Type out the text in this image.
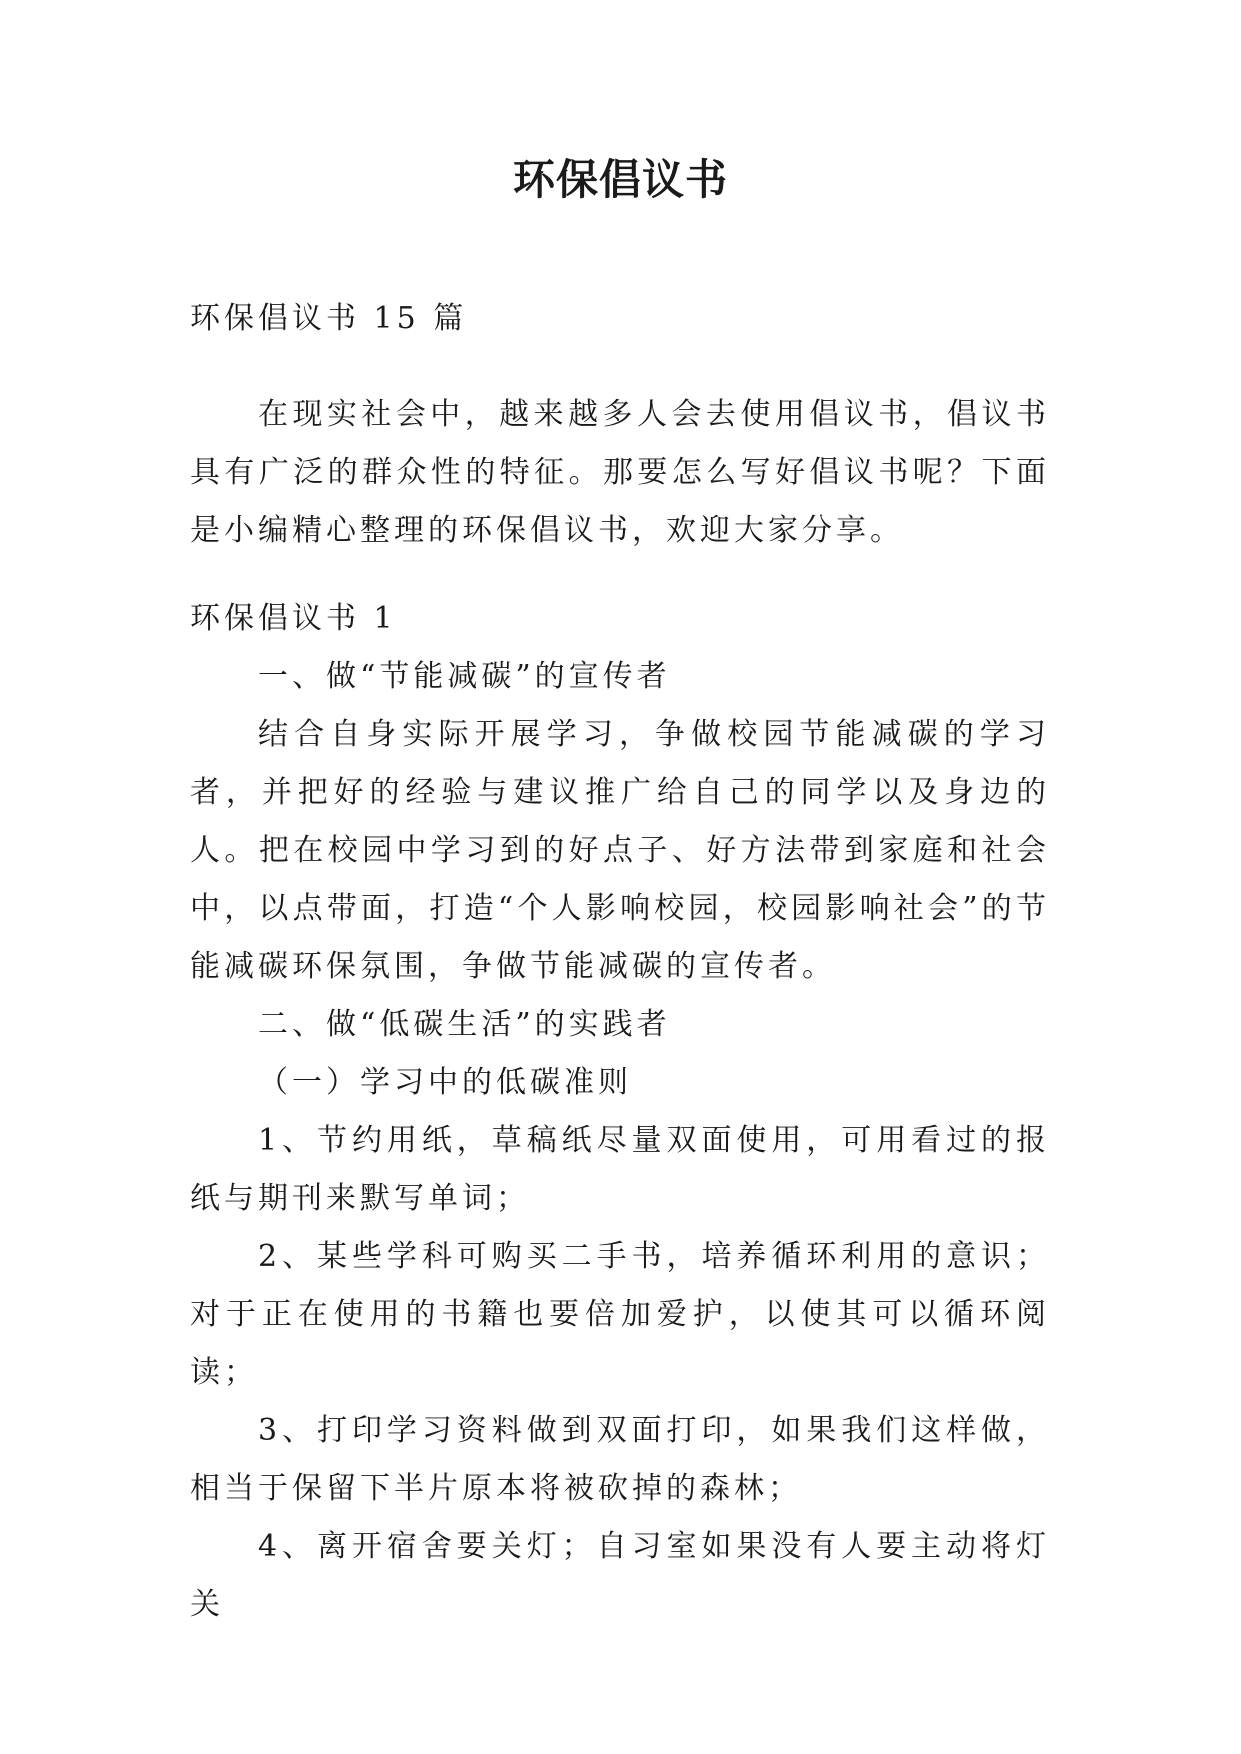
环保倡议书

环保倡议书 15 篇

在现实社会中，越来越多人会去使用倡议书，倡议书具有广泛的群众性的特征。那要怎么写好倡议书呢？下面是小编精心整理的环保倡议书，欢迎大家分享。

环保倡议书 1

一、做“节能减碳”的宣传者

结合自身实际开展学习，争做校园节能减碳的学习者，并把好的经验与建议推广给自己的同学以及身边的人。把在校园中学习到的好点子、好方法带到家庭和社会中，以点带面，打造“个人影响校园，校园影响社会”的节能减碳环保氛围，争做节能减碳的宣传者。

二、做“低碳生活”的实践者

（一）学习中的低碳准则

1、节约用纸，草稿纸尽量双面使用，可用看过的报纸与期刊来默写单词；

2、某些学科可购买二手书，培养循环利用的意识；对于正在使用的书籍也要倍加爱护，以使其可以循环阅读；

3、打印学习资料做到双面打印，如果我们这样做，相当于保留下半片原本将被砍掉的森林；

4、离开宿舍要关灯；自习室如果没有人要主动将灯关
